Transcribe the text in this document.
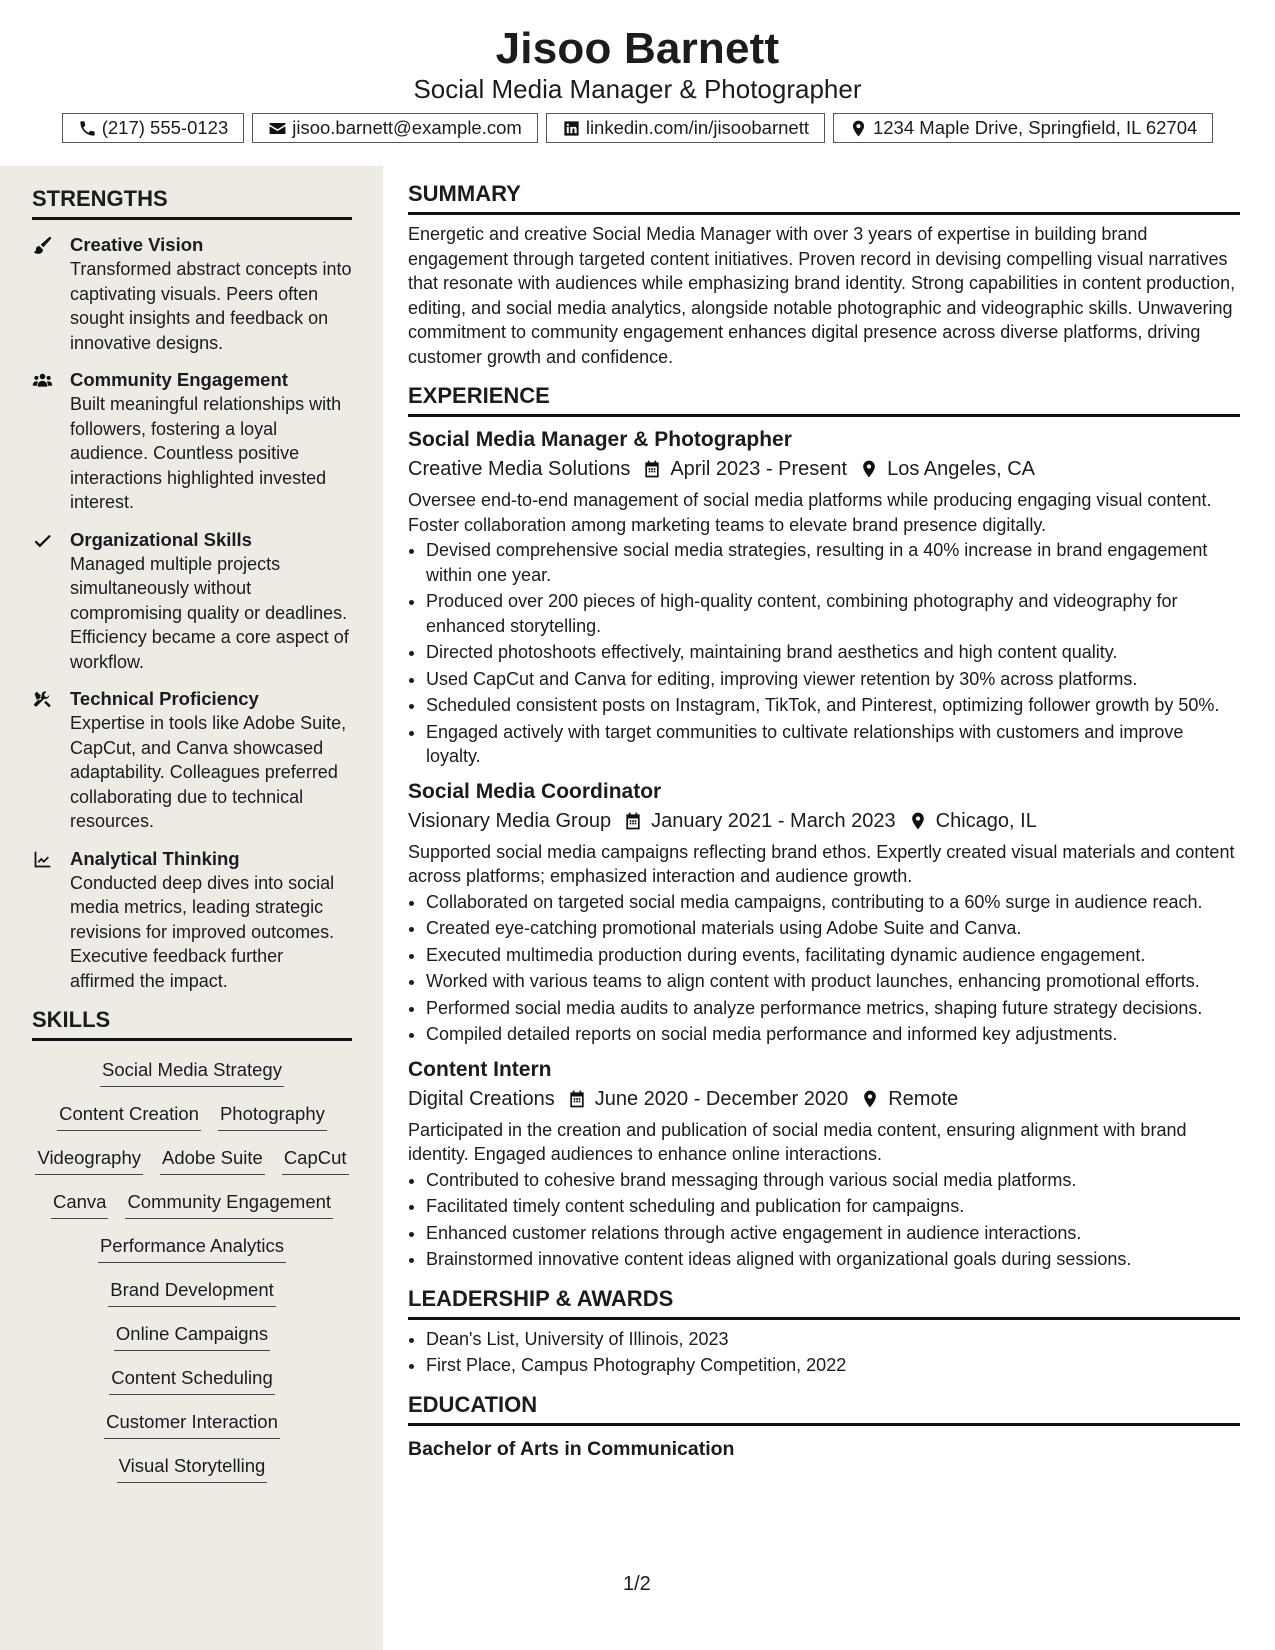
Jisoo Barnett
Social Media Manager & Photographer
(217) 555-0123	jisoo.barnett@example.com	linkedin.com/in/jisoobarnett	1234 Maple Drive, Springfield, IL 62704
STRENGTHS
Creative Vision
Transformed abstract concepts into captivating visuals. Peers often sought insights and feedback on innovative designs.
Community Engagement
Built meaningful relationships with followers, fostering a loyal audience. Countless positive interactions highlighted invested interest.
Organizational Skills
Managed multiple projects simultaneously without compromising quality or deadlines. Efficiency became a core aspect of workflow.
Technical Proficiency
Expertise in tools like Adobe Suite, CapCut, and Canva showcased adaptability. Colleagues preferred collaborating due to technical resources.
Analytical Thinking
Conducted deep dives into social media metrics, leading strategic revisions for improved outcomes. Executive feedback further affirmed the impact.
SKILLS
Social Media Strategy
Content Creation Photography
Videography Adobe Suite CapCut
Canva Community Engagement
Performance Analytics
Brand Development
Online Campaigns
Content Scheduling
Customer Interaction
Visual Storytelling
SUMMARY
Energetic and creative Social Media Manager with over 3 years of expertise in building brand engagement through targeted content initiatives. Proven record in devising compelling visual narratives that resonate with audiences while emphasizing brand identity. Strong capabilities in content production, editing, and social media analytics, alongside notable photographic and videographic skills. Unwavering commitment to community engagement enhances digital presence across diverse platforms, driving customer growth and confidence.
EXPERIENCE
Social Media Manager & Photographer
Creative Media Solutions April 2023 - Present Los Angeles, CA
Oversee end-to-end management of social media platforms while producing engaging visual content. Foster collaboration among marketing teams to elevate brand presence digitally.
• Devised comprehensive social media strategies, resulting in a 40% increase in brand engagement within one year.
• Produced over 200 pieces of high-quality content, combining photography and videography for enhanced storytelling.
• Directed photoshoots effectively, maintaining brand aesthetics and high content quality.
• Used CapCut and Canva for editing, improving viewer retention by 30% across platforms.
• Scheduled consistent posts on Instagram, TikTok, and Pinterest, optimizing follower growth by 50%.
• Engaged actively with target communities to cultivate relationships with customers and improve loyalty.
Social Media Coordinator
Visionary Media Group January 2021 - March 2023 Chicago, IL
Supported social media campaigns reflecting brand ethos. Expertly created visual materials and content across platforms; emphasized interaction and audience growth.
• Collaborated on targeted social media campaigns, contributing to a 60% surge in audience reach.
• Created eye-catching promotional materials using Adobe Suite and Canva.
• Executed multimedia production during events, facilitating dynamic audience engagement.
• Worked with various teams to align content with product launches, enhancing promotional efforts.
• Performed social media audits to analyze performance metrics, shaping future strategy decisions.
• Compiled detailed reports on social media performance and informed key adjustments.
Content Intern
Digital Creations June 2020 - December 2020 Remote
Participated in the creation and publication of social media content, ensuring alignment with brand identity. Engaged audiences to enhance online interactions.
• Contributed to cohesive brand messaging through various social media platforms.
• Facilitated timely content scheduling and publication for campaigns.
• Enhanced customer relations through active engagement in audience interactions.
• Brainstormed innovative content ideas aligned with organizational goals during sessions.
LEADERSHIP & AWARDS
• Dean's List, University of Illinois, 2023
• First Place, Campus Photography Competition, 2022
EDUCATION
Bachelor of Arts in Communication
1/2
